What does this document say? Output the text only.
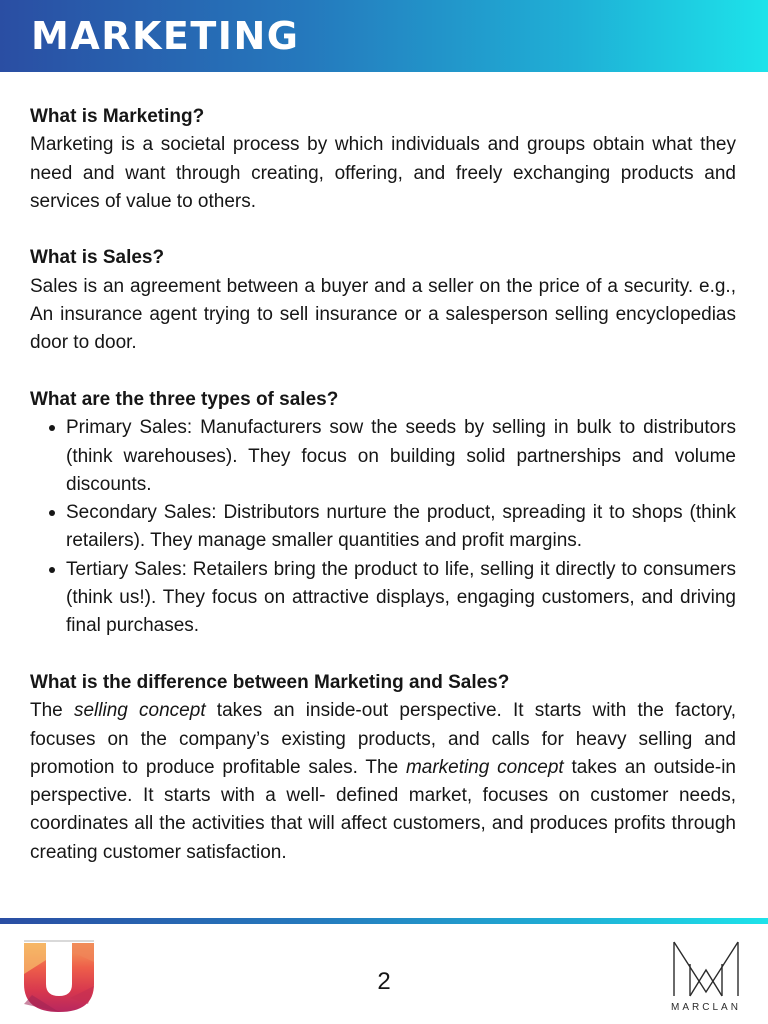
MARKETING

What is Marketing?

Marketing is a societal process by which individuals and groups obtain what they need and want through creating, offering, and freely exchanging products and services of value to others.

What is Sales?

Sales is an agreement between a buyer and a seller on the price of a security. e.g., An insurance agent trying to sell insurance or a salesperson selling encyclopedias door to door.

What are the three types of sales?

Primary Sales: Manufacturers sow the seeds by selling in bulk to distributors (think warehouses). They focus on building solid partnerships and volume discounts.
Secondary Sales: Distributors nurture the product, spreading it to shops (think retailers). They manage smaller quantities and profit margins.
Tertiary Sales: Retailers bring the product to life, selling it directly to consumers (think us!). They focus on attractive displays, engaging customers, and driving final purchases.

What is the difference between Marketing and Sales?

The selling concept takes an inside-out perspective. It starts with the factory, focuses on the company’s existing products, and calls for heavy selling and promotion to produce profitable sales. The marketing concept takes an outside-in perspective. It starts with a well- defined market, focuses on customer needs, coordinates all the activities that will affect customers, and produces profits through creating customer satisfaction.

2
MARCLAN
